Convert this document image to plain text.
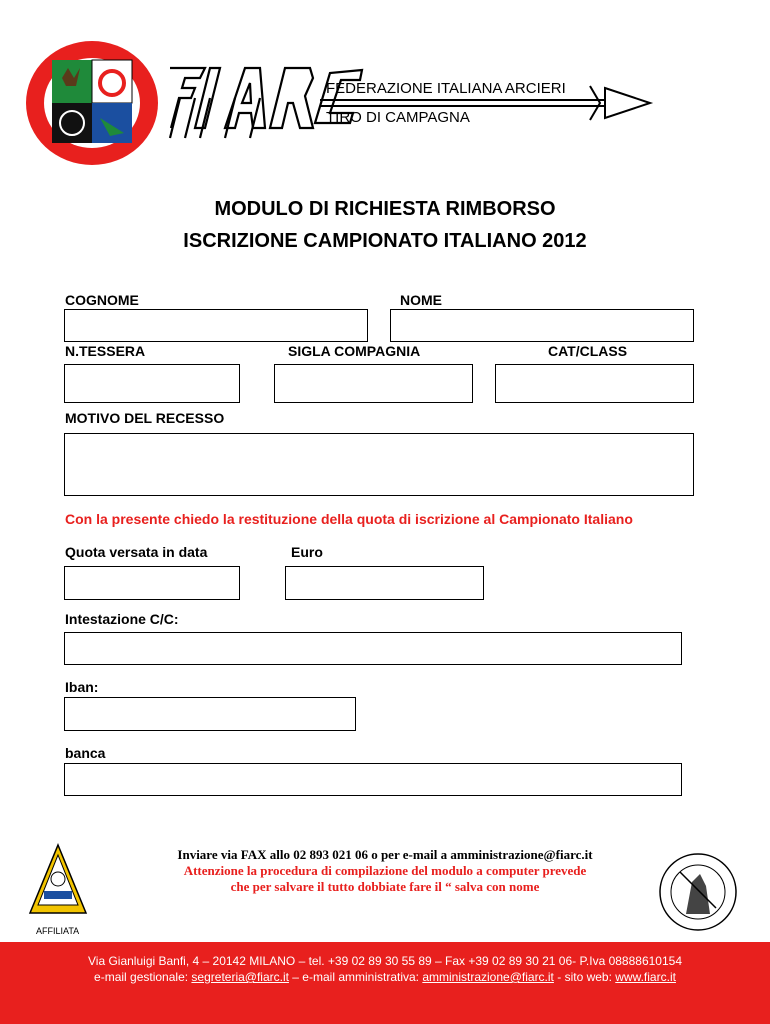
FEDERAZIONE ITALIANA ARCIERI
TIRO DI CAMPAGNA
MODULO DI RICHIESTA RIMBORSO
ISCRIZIONE CAMPIONATO ITALIANO 2012
COGNOME	NOME
N.TESSERA	SIGLA COMPAGNIA	CAT/CLASS
MOTIVO DEL RECESSO
Con la presente chiedo la restituzione della quota di iscrizione al Campionato Italiano
Quota versata in data	Euro
Intestazione C/C:
Iban:
banca
Inviare via FAX allo 02 893 021 06 o per e-mail a amministrazione@fiarc.it
Attenzione la procedura di compilazione del modulo a computer prevede
che per salvare il tutto dobbiate fare il “ salva con nome
AFFILIATA
Via Gianluigi Banfi, 4 – 20142 MILANO – tel. +39 02 89 30 55 89 – Fax +39 02 89 30 21 06- P.Iva 08888610154
e-mail gestionale: segreteria@fiarc.it – e-mail amministrativa: amministrazione@fiarc.it - sito web: www.fiarc.it
